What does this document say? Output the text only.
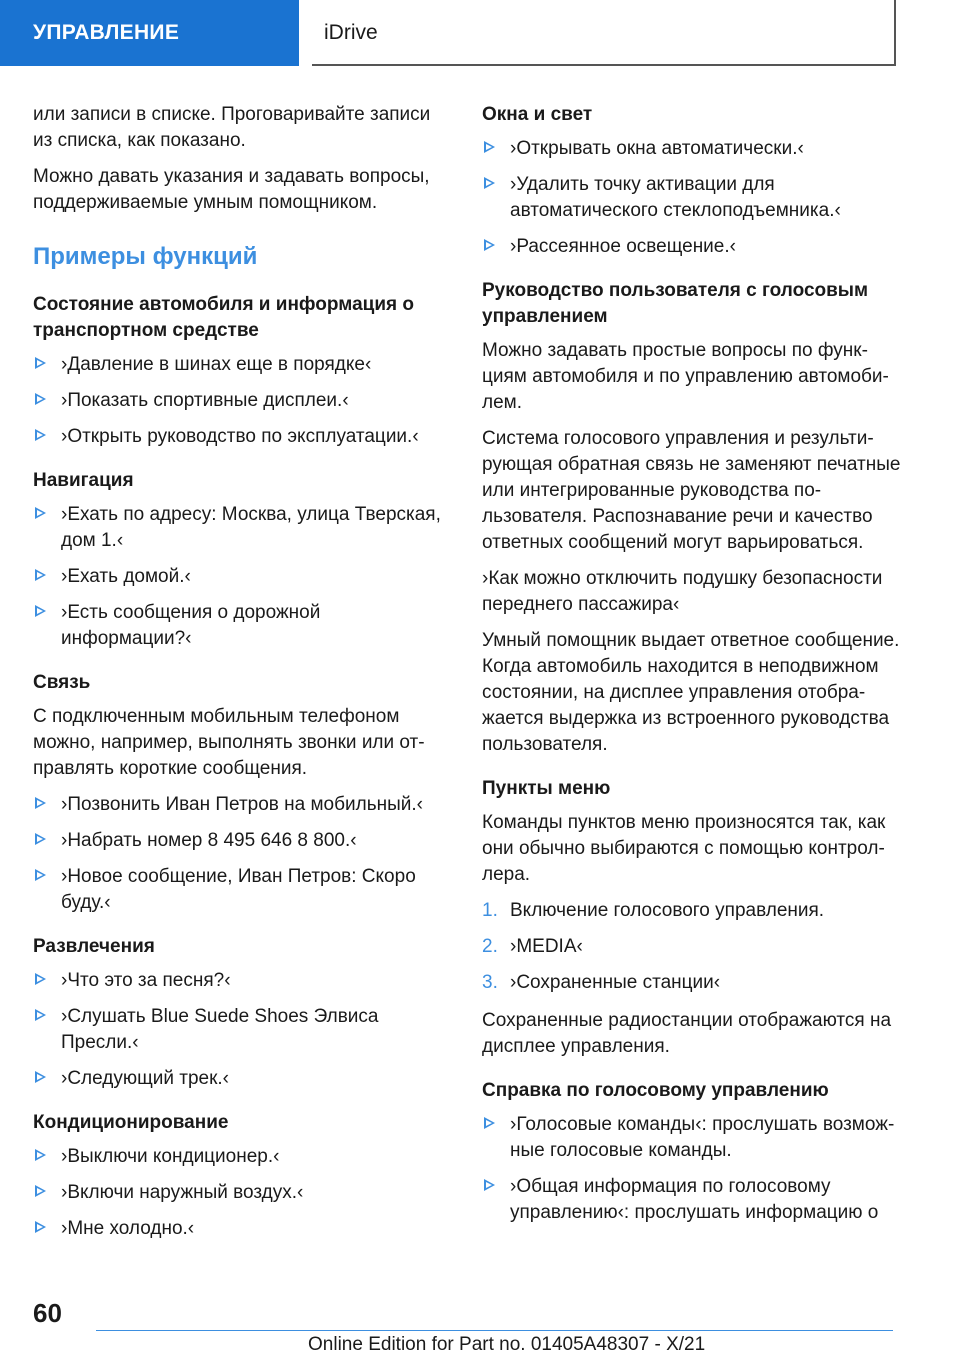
УПРАВЛЕНИЕ	iDrive

или записи в списке. Проговаривайте записи из списка, как показано.

Можно давать указания и задавать вопросы, поддерживаемые умным помощником.

Примеры функций
Состояние автомобиля и информация о транспортном средстве
›Давление в шинах еще в порядке‹
›Показать спортивные дисплеи.‹
›Открыть руководство по эксплуатации.‹
Навигация
›Ехать по адресу: Москва, улица Тверская, дом 1.‹
›Ехать домой.‹
›Есть сообщения о дорожной информации?‹
Связь

С подключенным мобильным телефоном можно, например, выполнять звонки или отправлять короткие сообщения.

›Позвонить Иван Петров на мобильный.‹
›Набрать номер 8 495 646 8 800.‹
›Новое сообщение, Иван Петров: Скоро буду.‹
Развлечения
›Что это за песня?‹
›Слушать Blue Suede Shoes Элвиса Пресли.‹
›Следующий трек.‹
Кондиционирование
›Выключи кондиционер.‹
›Включи наружный воздух.‹
›Мне холодно.‹
Окна и свет
›Открывать окна автоматически.‹
›Удалить точку активации для автоматического стеклоподъемника.‹
›Рассеянное освещение.‹
Руководство пользователя с голосовым управлением

Можно задавать простые вопросы по функциям автомобиля и по управлению автомобилем.

Система голосового управления и результирующая обратная связь не заменяют печатные или интегрированные руководства пользователя. Распознавание речи и качество ответных сообщений могут варьироваться.

›Как можно отключить подушку безопасности переднего пассажира‹

Умный помощник выдает ответное сообщение. Когда автомобиль находится в неподвижном состоянии, на дисплее управления отображается выдержка из встроенного руководства пользователя.

Пункты меню

Команды пунктов меню произносятся так, как они обычно выбираются с помощью контроллера.

1. Включение голосового управления.
2. ›MEDIA‹
3. ›Сохраненные станции‹

Сохраненные радиостанции отображаются на дисплее управления.

Справка по голосовому управлению
›Голосовые команды‹: прослушать возможные голосовые команды.
›Общая информация по голосовому управлению‹: прослушать информацию о
60
Online Edition for Part no. 01405A48307 - X/21
